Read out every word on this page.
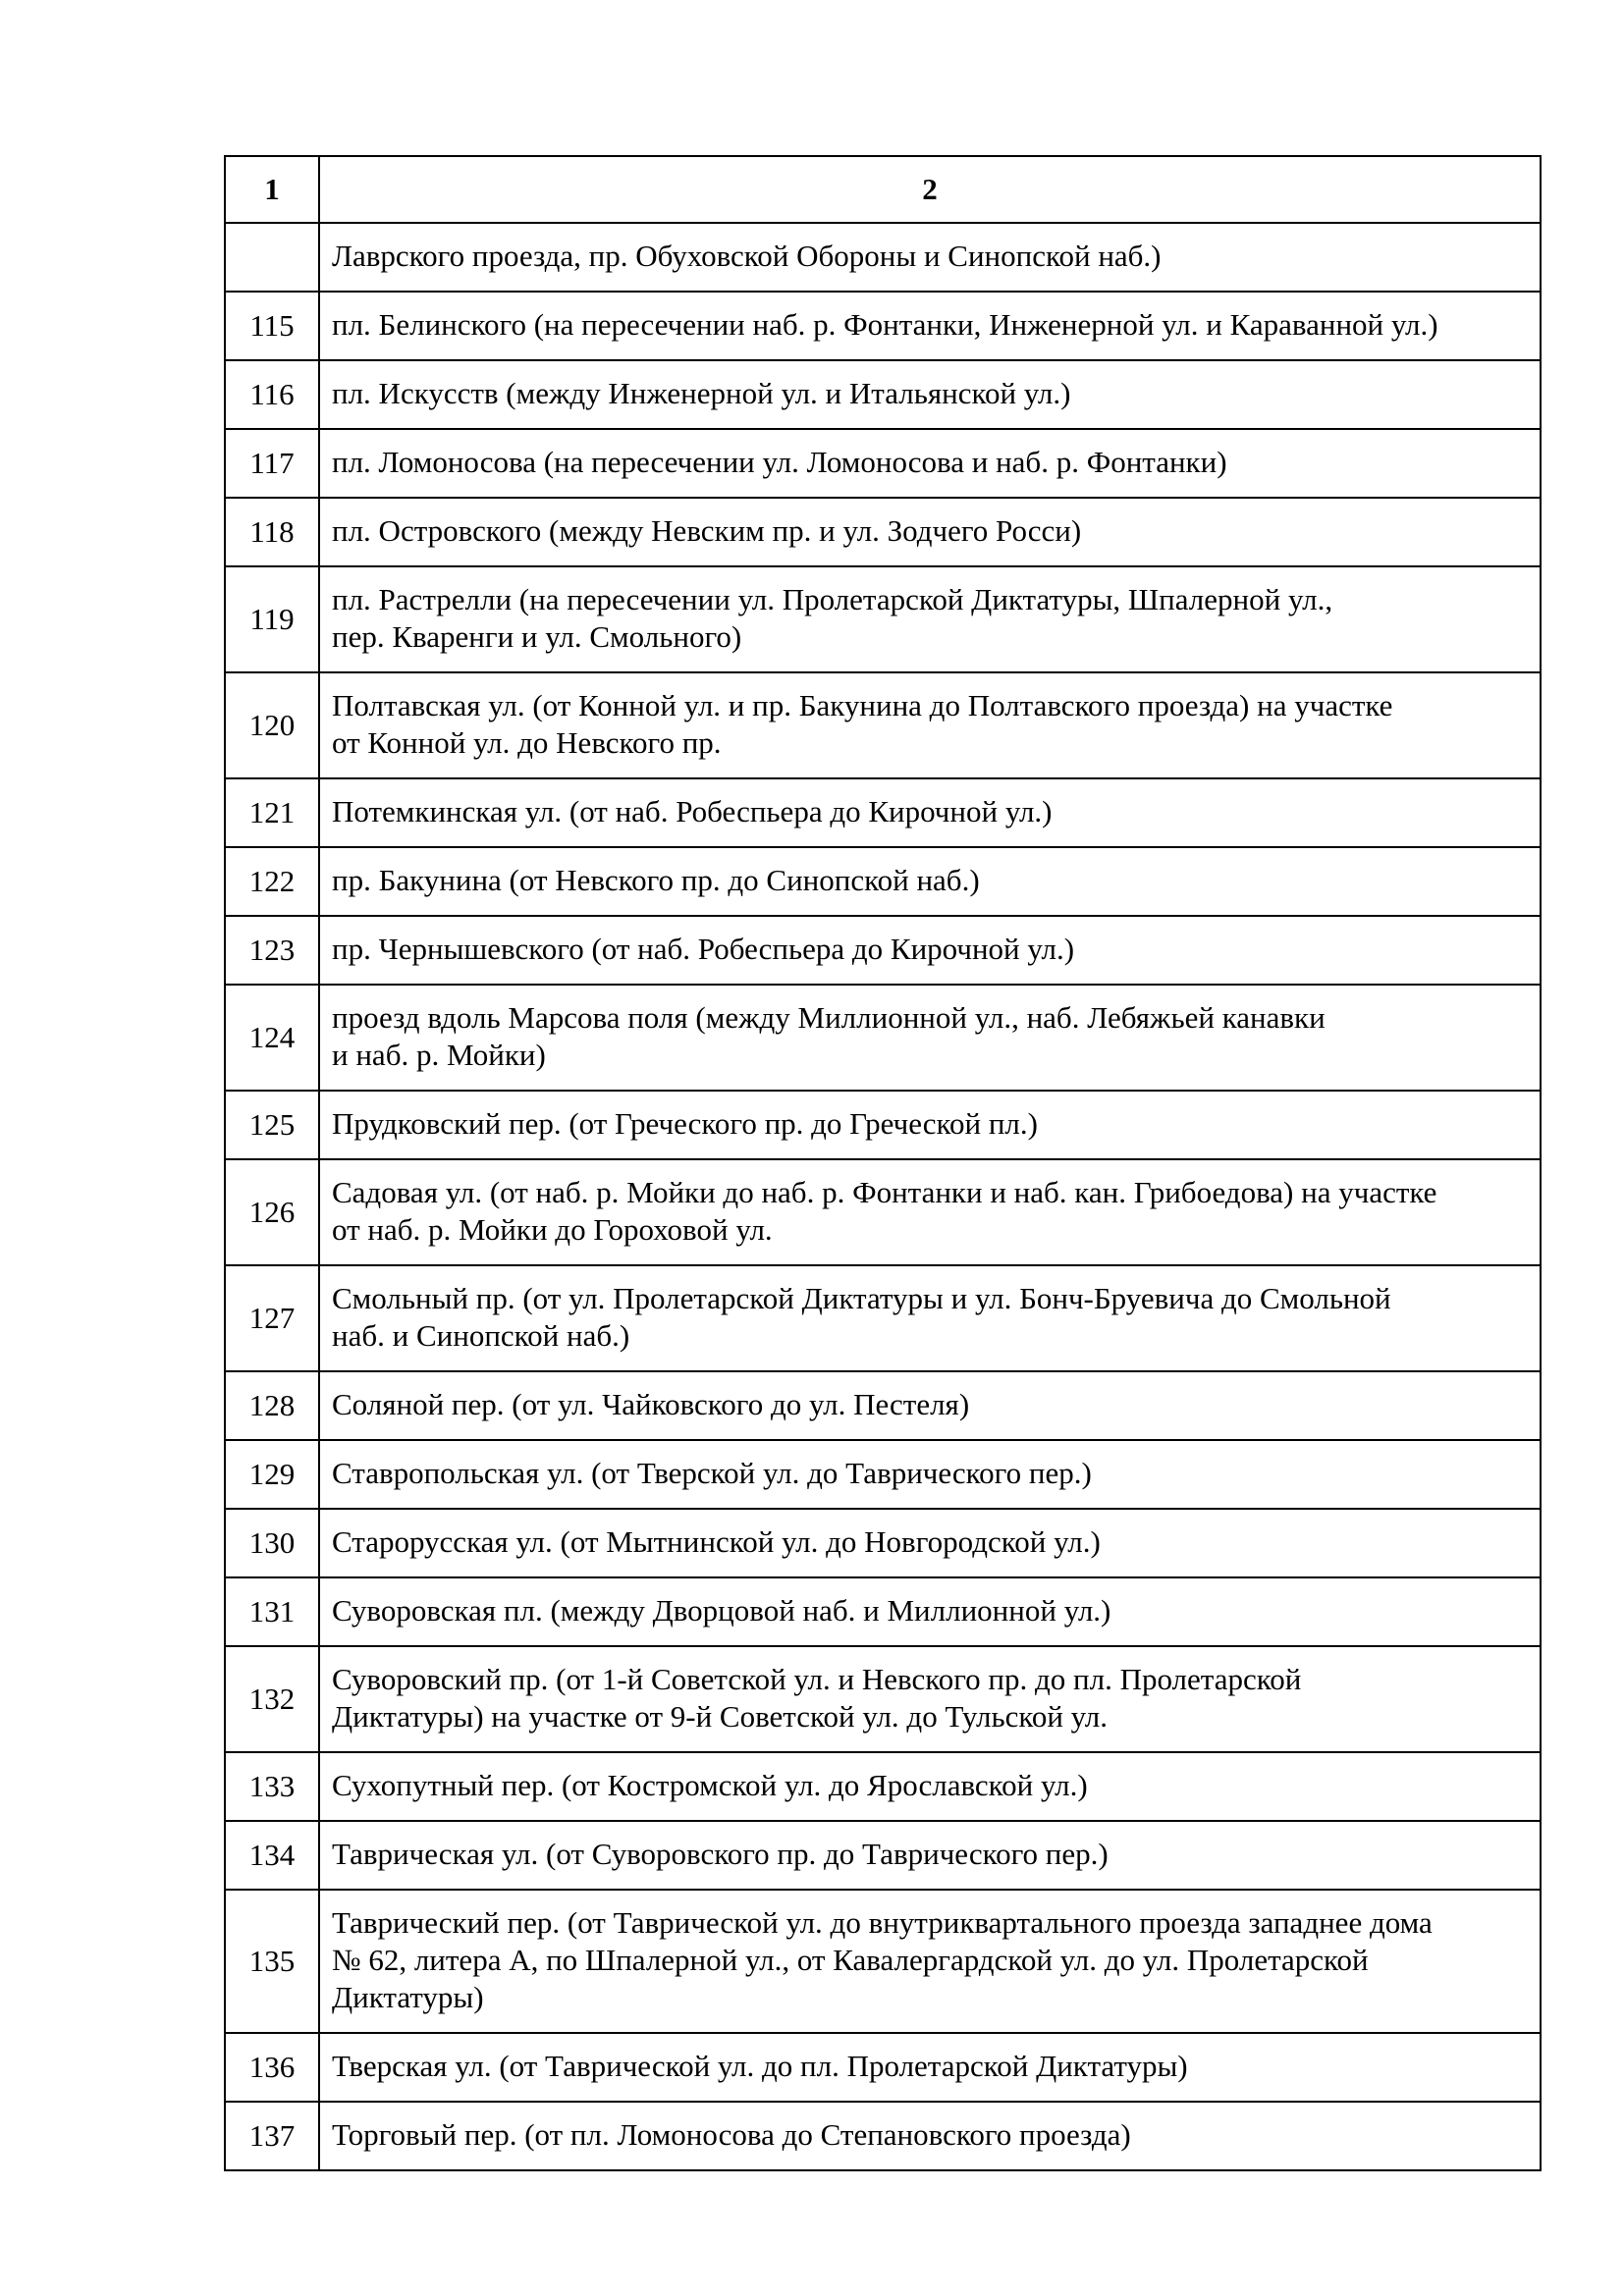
1	2
	Лаврского проезда, пр. Обуховской Обороны и Синопской наб.)
115	пл. Белинского (на пересечении наб. р. Фонтанки, Инженерной ул. и Караванной ул.)
116	пл. Искусств (между Инженерной ул. и Итальянской ул.)
117	пл. Ломоносова (на пересечении ул. Ломоносова и наб. р. Фонтанки)
118	пл. Островского (между Невским пр. и ул. Зодчего Росси)
119	пл. Растрелли (на пересечении ул. Пролетарской Диктатуры, Шпалерной ул.,
пер. Кваренги и ул. Смольного)
120	Полтавская ул. (от Конной ул. и пр. Бакунина до Полтавского проезда) на участке
от Конной ул. до Невского пр.
121	Потемкинская ул. (от наб. Робеспьера до Кирочной ул.)
122	пр. Бакунина (от Невского пр. до Синопской наб.)
123	пр. Чернышевского (от наб. Робеспьера до Кирочной ул.)
124	проезд вдоль Марсова поля (между Миллионной ул., наб. Лебяжьей канавки
и наб. р. Мойки)
125	Прудковский пер. (от Греческого пр. до Греческой пл.)
126	Садовая ул. (от наб. р. Мойки до наб. р. Фонтанки и наб. кан. Грибоедова) на участке
от наб. р. Мойки до Гороховой ул.
127	Смольный пр. (от ул. Пролетарской Диктатуры и ул. Бонч-Бруевича до Смольной
наб. и Синопской наб.)
128	Соляной пер. (от ул. Чайковского до ул. Пестеля)
129	Ставропольская ул. (от Тверской ул. до Таврического пер.)
130	Старорусская ул. (от Мытнинской ул. до Новгородской ул.)
131	Суворовская пл. (между Дворцовой наб. и Миллионной ул.)
132	Суворовский пр. (от 1-й Советской ул. и Невского пр. до пл. Пролетарской
Диктатуры) на участке от 9-й Советской ул. до Тульской ул.
133	Сухопутный пер. (от Костромской ул. до Ярославской ул.)
134	Таврическая ул. (от Суворовского пр. до Таврического пер.)
135	Таврический пер. (от Таврической ул. до внутриквартального проезда западнее дома
№ 62, литера А, по Шпалерной ул., от Кавалергардской ул. до ул. Пролетарской
Диктатуры)
136	Тверская ул. (от Таврической ул. до пл. Пролетарской Диктатуры)
137	Торговый пер. (от пл. Ломоносова до Степановского проезда)
